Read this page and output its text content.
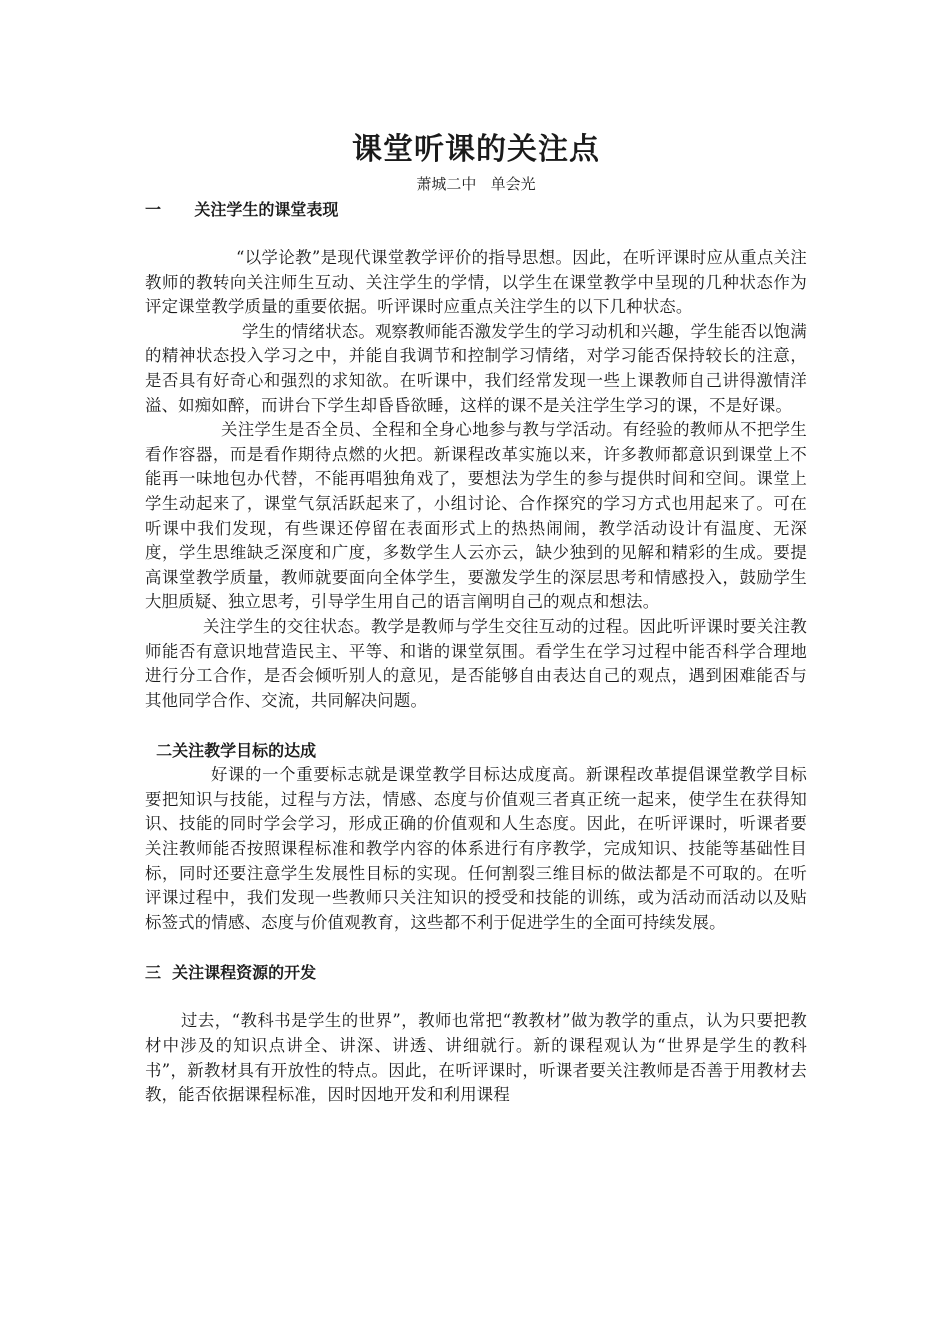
课堂听课的关注点

萧城二中   单会光

一      关注学生的课堂表现

“以学论教”是现代课堂教学评价的指导思想。因此，在听评课时应从重点关注教师的教转向关注师生互动、关注学生的学情，以学生在课堂教学中呈现的几种状态作为评定课堂教学质量的重要依据。听评课时应重点关注学生的以下几种状态。

学生的情绪状态。观察教师能否激发学生的学习动机和兴趣，学生能否以饱满的精神状态投入学习之中，并能自我调节和控制学习情绪，对学习能否保持较长的注意，是否具有好奇心和强烈的求知欲。在听课中，我们经常发现一些上课教师自己讲得激情洋溢、如痴如醉，而讲台下学生却昏昏欲睡，这样的课不是关注学生学习的课，不是好课。

关注学生是否全员、全程和全身心地参与教与学活动。有经验的教师从不把学生看作容器，而是看作期待点燃的火把。新课程改革实施以来，许多教师都意识到课堂上不能再一味地包办代替，不能再唱独角戏了，要想法为学生的参与提供时间和空间。课堂上学生动起来了，课堂气氛活跃起来了，小组讨论、合作探究的学习方式也用起来了。可在听课中我们发现，有些课还停留在表面形式上的热热闹闹，教学活动设计有温度、无深度，学生思维缺乏深度和广度，多数学生人云亦云，缺少独到的见解和精彩的生成。要提高课堂教学质量，教师就要面向全体学生，要激发学生的深层思考和情感投入，鼓励学生大胆质疑、独立思考，引导学生用自己的语言阐明自己的观点和想法。

关注学生的交往状态。教学是教师与学生交往互动的过程。因此听评课时要关注教师能否有意识地营造民主、平等、和谐的课堂氛围。看学生在学习过程中能否科学合理地进行分工合作，是否会倾听别人的意见，是否能够自由表达自己的观点，遇到困难能否与其他同学合作、交流，共同解决问题。

二关注教学目标的达成

好课的一个重要标志就是课堂教学目标达成度高。新课程改革提倡课堂教学目标要把知识与技能，过程与方法，情感、态度与价值观三者真正统一起来，使学生在获得知识、技能的同时学会学习，形成正确的价值观和人生态度。因此，在听评课时，听课者要关注教师能否按照课程标准和教学内容的体系进行有序教学，完成知识、技能等基础性目标，同时还要注意学生发展性目标的实现。任何割裂三维目标的做法都是不可取的。在听评课过程中，我们发现一些教师只关注知识的授受和技能的训练，或为活动而活动以及贴标签式的情感、态度与价值观教育，这些都不利于促进学生的全面可持续发展。

三  关注课程资源的开发

过去，“教科书是学生的世界”，教师也常把“教教材”做为教学的重点，认为只要把教材中涉及的知识点讲全、讲深、讲透、讲细就行。新的课程观认为“世界是学生的教科书”，新教材具有开放性的特点。因此，在听评课时，听课者要关注教师是否善于用教材去教，能否依据课程标准，因时因地开发和利用课程
